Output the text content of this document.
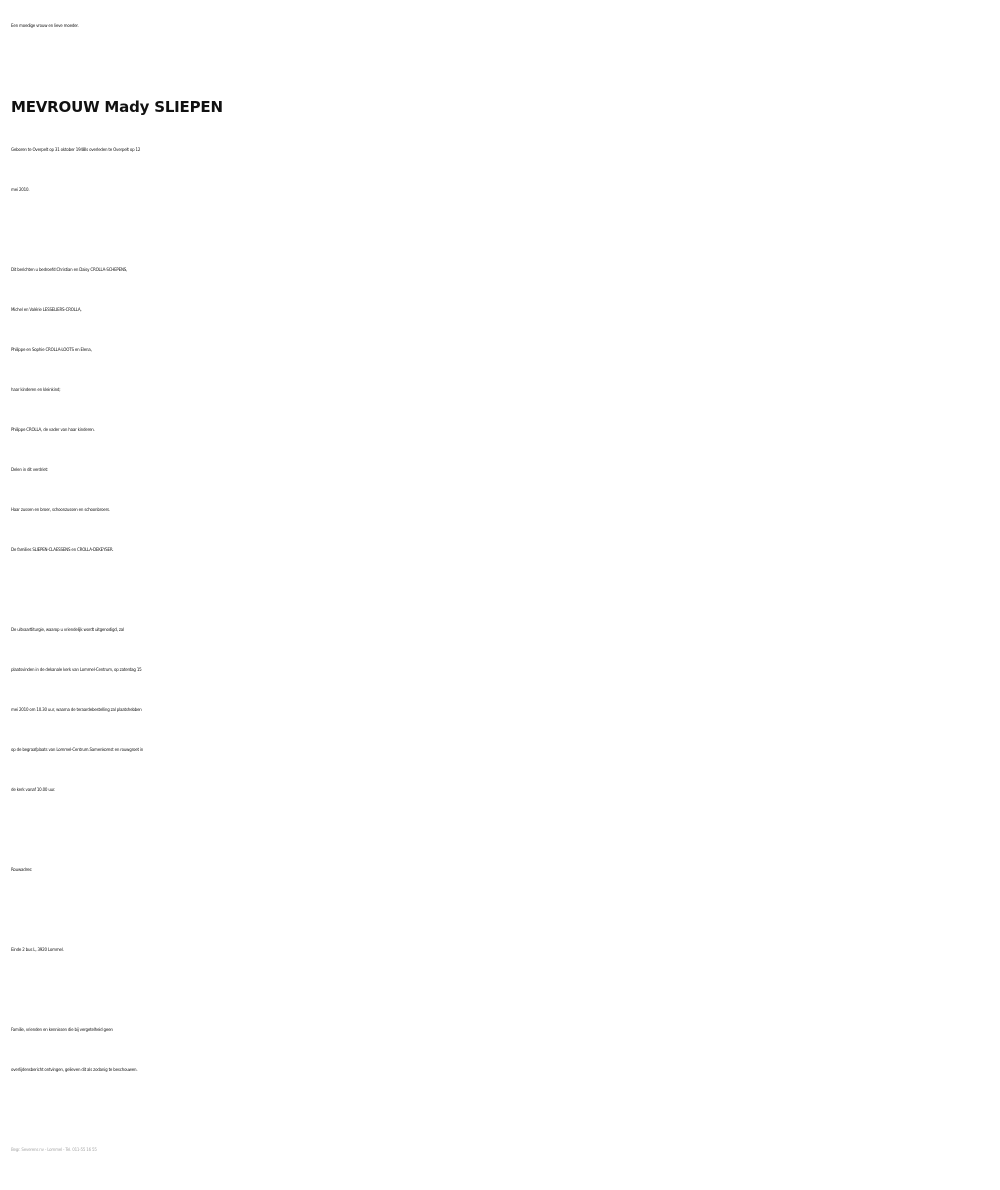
Een moedige vrouw en lieve moeder.
MEVROUW Mady SLIEPEN
Geboren te Overpelt op 31 oktober 1948Is overleden te Overpelt op 12
mei 2010.
Dit berichten u bedroefd:Christian en Daisy CROLLA-SCHEPENS,
Michel en Valérie LESSELIERS-CROLLA,
Philippe en Sophie CROLLA-LOOTS en Elena,
haar kinderen en kleinkind;
Philippe CROLLA, de vader van haar kinderen.
Delen in dit verdriet:
Haar zussen en broer, schoonzussen en schoonbroers.
De families SLIEPEN-CLAESSENS en CROLLA-DEKEYSER.
De uitvaartliturgie, waarop u vriendelijk wordt uitgenodigd, zal
plaatsvinden in de dekanale kerk van Lommel-Centrum, op zaterdag 15
mei 2010 om 10.30 uur, waarna de teraardebestelling zal plaatshebben
op de begraafplaats van Lommel-Centrum.Samenkomst en rouwgroet in
de kerk vanaf 10.00 uur.
Rouwadres:
Einde 2 bus L, 3920 Lommel.
Familie, vrienden en kennissen die bij vergetelheid geen
overlijdensbericht ontvingen, gelieven dit als zodanig te beschouwen.
Begr. Severens nv - Lommel - Tel. 011-55 16 55
